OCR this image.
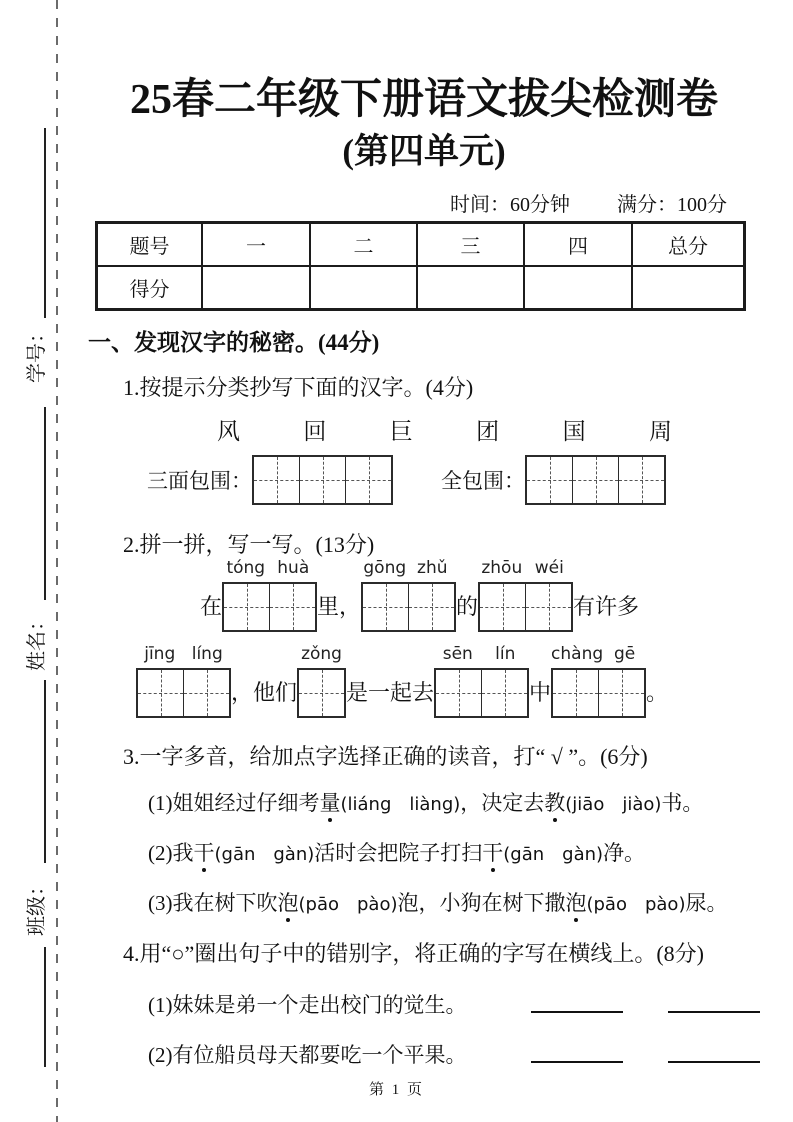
学号：
姓名：
班级：
25春二年级下册语文拔尖检测卷
(第四单元)
时间：60分钟 满分：100分
题号	一	二	三	四	总分
得分
一、发现汉字的秘密。(44分)
1.按提示分类抄写下面的汉字。(4分)
风	回	巨	团	国	周
三面包围：	全包围：
2.拼一拼，写一写。(13分)
在
tóng huà
里，
gōng zhǔ
的
zhōu wéi
有许多
jīng líng
，他们
zǒng
是一起去
sēn	lín
中
chàng gē
。
3.一字多音，给加点字选择正确的读音，打“ √ ”。(6分)
(1)姐姐经过仔细考量(liáng　liàng)，决定去教(jiāo　jiào)书。
(2)我干(gān　gàn)活时会把院子打扫干(gān　gàn)净。
(3)我在树下吹泡(pāo　pào)泡，小狗在树下撒泡(pāo　pào)尿。
4.用“○”圈出句子中的错别字，将正确的字写在横线上。(8分)
(1)妹妹是弟一个走出校门的觉生。
(2)有位船员母天都要吃一个平果。
第 1 页
